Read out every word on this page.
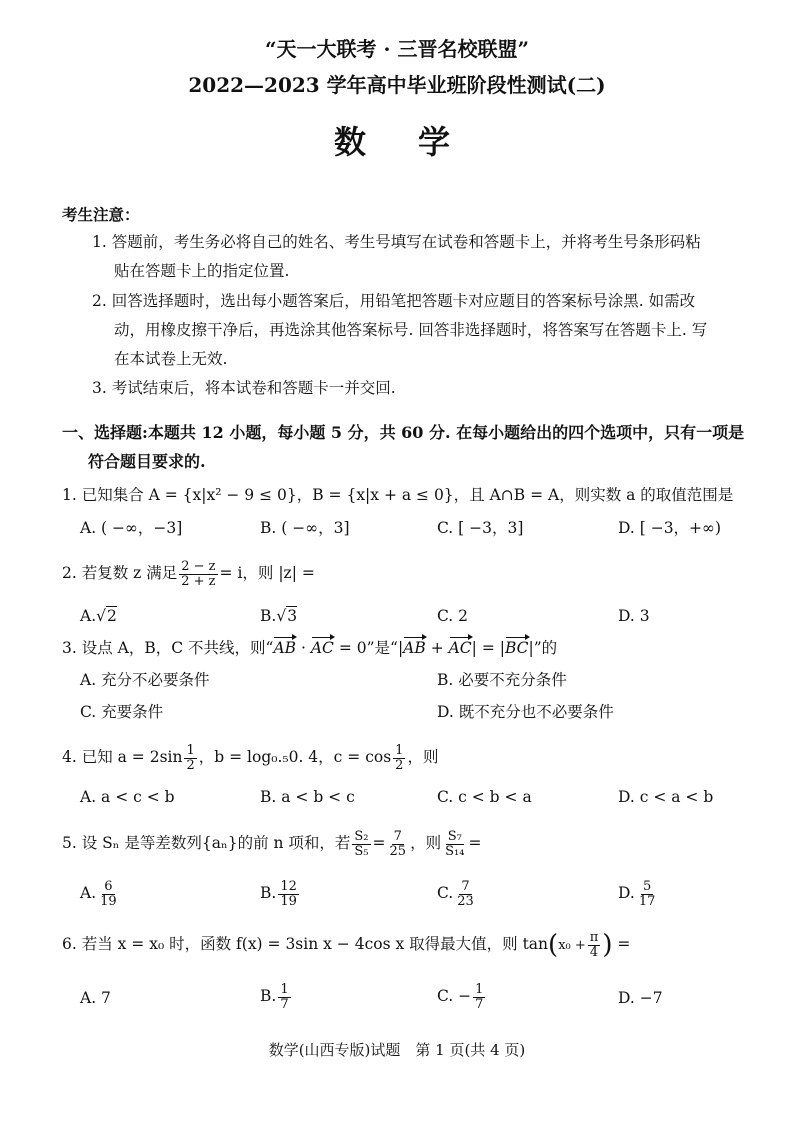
“天一大联考 · 三晋名校联盟”
2022—2023 学年高中毕业班阶段性测试(二)
数　学
考生注意：
1. 答题前，考生务必将自己的姓名、考生号填写在试卷和答题卡上，并将考生号条形码粘
贴在答题卡上的指定位置.
2. 回答选择题时，选出每小题答案后，用铅笔把答题卡对应题目的答案标号涂黑. 如需改
动，用橡皮擦干净后，再选涂其他答案标号. 回答非选择题时，将答案写在答题卡上. 写
在本试卷上无效.
3. 考试结束后，将本试卷和答题卡一并交回.
一、选择题:本题共 12 小题，每小题 5 分，共 60 分. 在每小题给出的四个选项中，只有一项是
符合题目要求的.
1. 已知集合 A = {x|x² − 9 ≤ 0}，B = {x|x + a ≤ 0}，且 A∩B = A，则实数 a 的取值范围是
A. ( −∞，−3]	B. ( −∞，3]	C. [ −3，3]	D. [ −3，+∞)
2. 若复数 z 满足 $\frac{2 - z}{2 + z} = i$，则 |z| =
A.√2	B.√3	C. 2	D. 3
3. 设点 A，B，C 不共线，则“AB · AC = 0”是“|AB + AC| = |BC|”的
A. 充分不必要条件	B. 必要不充分条件
C. 充要条件	D. 既不充分也不必要条件
4. 已知 $a = 2\sin \frac{1}{2}$ ，b = log₀.₅0. 4，$c = \cos \frac{1}{2}$ ，则
A. a < c < b	B. a < b < c	C. c < b < a	D. c < a < b
5. 设 Sₙ 是等差数列{aₙ}的前 n 项和，若 $\frac{\text{S₂}}{\text{S₅}} = \frac{7}{25}$ ，则 $\frac{\text{S₇}}{\text{S₁₄}}$ =
A. $\frac{6}{19}$	B. $\frac{12}{19}$	C. $\frac{7}{23}$	D. $\frac{5}{17}$
6. 若当 x = x₀ 时，函数 f(x) = 3sin x − 4cos x 取得最大值，则 $\tan(x_0 + \frac{\pi}{4}$ ) =
A. 7	B. $\frac{1}{7}$	C. − $\frac{1}{7}$	D. −7
数学(山西专版)试题　第 1 页(共 4 页)
